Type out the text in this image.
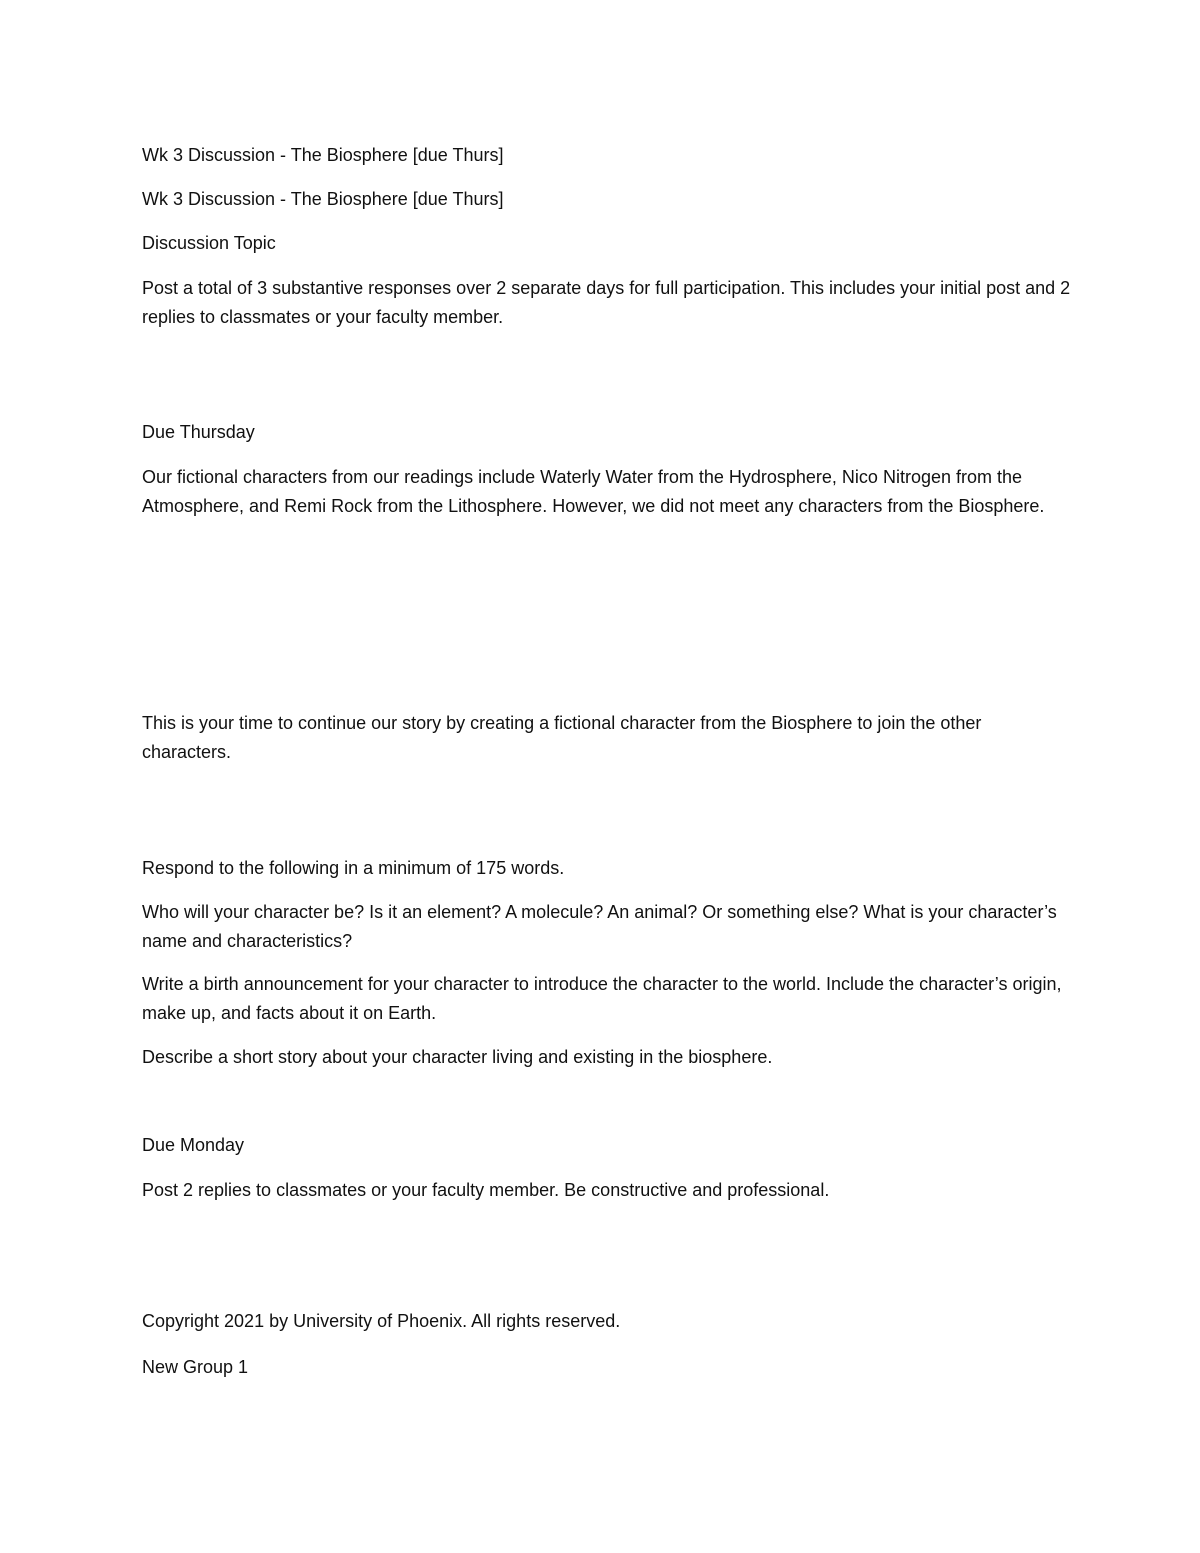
Wk 3 Discussion - The Biosphere [due Thurs]

Wk 3 Discussion - The Biosphere [due Thurs]

Discussion Topic

Post a total of 3 substantive responses over 2 separate days for full participation. This includes your initial post and 2 replies to classmates or your faculty member.

Due Thursday

Our fictional characters from our readings include Waterly Water from the Hydrosphere, Nico Nitrogen from the Atmosphere, and Remi Rock from the Lithosphere. However, we did not meet any characters from the Biosphere.

This is your time to continue our story by creating a fictional character from the Biosphere to join the other characters.

Respond to the following in a minimum of 175 words.

Who will your character be? Is it an element? A molecule? An animal? Or something else? What is your character’s name and characteristics?

Write a birth announcement for your character to introduce the character to the world. Include the character’s origin, make up, and facts about it on Earth.

Describe a short story about your character living and existing in the biosphere.

Due Monday

Post 2 replies to classmates or your faculty member. Be constructive and professional.

Copyright 2021 by University of Phoenix. All rights reserved.

New Group 1
